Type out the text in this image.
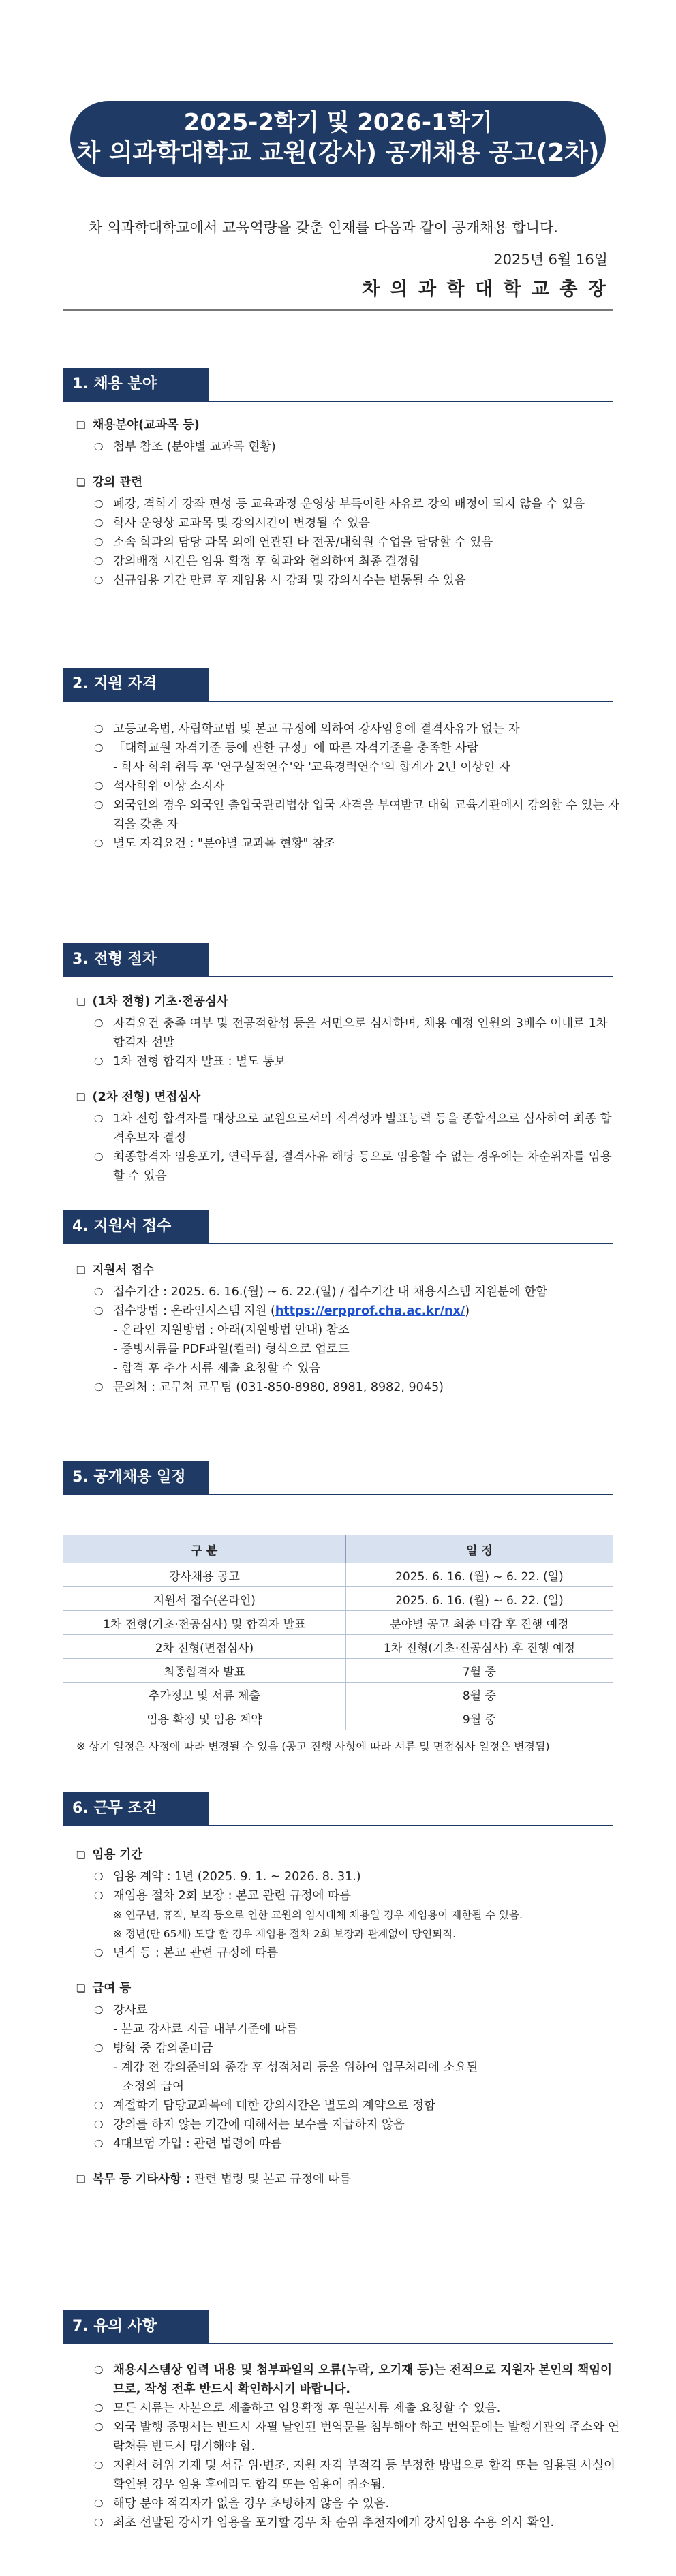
2025-2학기 및 2026-1학기
차 의과학대학교 교원(강사) 공개채용 공고(2차)
차 의과학대학교에서 교육역량을 갖춘 인재를 다음과 같이 공개채용 합니다.
2025년 6월 16일
차 의 과 학 대 학 교 총 장
1. 채용 분야
❏ 채용분야(교과목 등)
❍ 첨부 참조 (분야별 교과목 현황)
❏ 강의 관련
❍ 폐강, 격학기 강좌 편성 등 교육과정 운영상 부득이한 사유로 강의 배정이 되지 않을 수 있음
❍ 학사 운영상 교과목 및 강의시간이 변경될 수 있음
❍ 소속 학과의 담당 과목 외에 연관된 타 전공/대학원 수업을 담당할 수 있음
❍ 강의배정 시간은 임용 확정 후 학과와 협의하여 최종 결정함
❍ 신규임용 기간 만료 후 재임용 시 강좌 및 강의시수는 변동될 수 있음
2. 지원 자격
❍ 고등교육법, 사립학교법 및 본교 규정에 의하여 강사임용에 결격사유가 없는 자
❍ 「대학교원 자격기준 등에 관한 규정」에 따른 자격기준을 충족한 사람
- 학사 학위 취득 후 '연구실적연수'와 '교육경력연수'의 합계가 2년 이상인 자
❍ 석사학위 이상 소지자
❍ 외국인의 경우 외국인 출입국관리법상 입국 자격을 부여받고 대학 교육기관에서 강의할 수 있는 자격을 갖춘 자
❍ 별도 자격요건 : "분야별 교과목 현황" 참조
3. 전형 절차
❏ (1차 전형) 기초·전공심사
❍ 자격요건 충족 여부 및 전공적합성 등을 서면으로 심사하며, 채용 예정 인원의 3배수 이내로 1차 합격자 선발
❍ 1차 전형 합격자 발표 : 별도 통보
❏ (2차 전형) 면접심사
❍ 1차 전형 합격자를 대상으로 교원으로서의 적격성과 발표능력 등을 종합적으로 심사하여 최종 합격후보자 결정
❍ 최종합격자 임용포기, 연락두절, 결격사유 해당 등으로 임용할 수 없는 경우에는 차순위자를 임용할 수 있음
4. 지원서 접수
❏ 지원서 접수
❍ 접수기간 : 2025. 6. 16.(월) ~ 6. 22.(일) / 접수기간 내 채용시스템 지원분에 한함
❍ 접수방법 : 온라인시스템 지원 (https://erpprof.cha.ac.kr/nx/)
- 온라인 지원방법 : 아래(지원방법 안내) 참조
- 증빙서류를 PDF파일(컬러) 형식으로 업로드
- 합격 후 추가 서류 제출 요청할 수 있음
❍ 문의처 : 교무처 교무팀 (031-850-8980, 8981, 8982, 9045)
5. 공개채용 일정
구 분	일 정
강사채용 공고	2025. 6. 16. (월) ~ 6. 22. (일)
지원서 접수(온라인)	2025. 6. 16. (월) ~ 6. 22. (일)
1차 전형(기초·전공심사) 및 합격자 발표	분야별 공고 최종 마감 후 진행 예정
2차 전형(면접심사)	1차 전형(기초·전공심사) 후 진행 예정
최종합격자 발표	7월 중
추가정보 및 서류 제출	8월 중
임용 확정 및 임용 계약	9월 중
※ 상기 일정은 사정에 따라 변경될 수 있음 (공고 진행 사항에 따라 서류 및 면접심사 일정은 변경됨)
6. 근무 조건
❏ 임용 기간
❍ 임용 계약 : 1년 (2025. 9. 1. ~ 2026. 8. 31.)
❍ 재임용 절차 2회 보장 : 본교 관련 규정에 따름
※ 연구년, 휴직, 보직 등으로 인한 교원의 임시대체 채용일 경우 재임용이 제한될 수 있음.
※ 정년(만 65세) 도달 할 경우 재임용 절차 2회 보장과 관계없이 당연퇴직.
❍ 면직 등 : 본교 관련 규정에 따름
❏ 급여 등
❍ 강사료
- 본교 강사료 지급 내부기준에 따름
❍ 방학 중 강의준비금
- 계강 전 강의준비와 종강 후 성적처리 등을 위하여 업무처리에 소요된
소정의 급여
❍ 계절학기 담당교과목에 대한 강의시간은 별도의 계약으로 정함
❍ 강의를 하지 않는 기간에 대해서는 보수를 지급하지 않음
❍ 4대보험 가입 : 관련 법령에 따름
❏ 복무 등 기타사항 : 관련 법령 및 본교 규정에 따름
7. 유의 사항
❍ 채용시스템상 입력 내용 및 첨부파일의 오류(누락, 오기재 등)는 전적으로 지원자 본인의 책임이므로, 작성 전후 반드시 확인하시기 바랍니다.
❍ 모든 서류는 사본으로 제출하고 임용확정 후 원본서류 제출 요청할 수 있음.
❍ 외국 발행 증명서는 반드시 자필 날인된 번역문을 첨부해야 하고 번역문에는 발행기관의 주소와 연락처를 반드시 명기해야 함.
❍ 지원서 허위 기재 및 서류 위·변조, 지원 자격 부적격 등 부정한 방법으로 합격 또는 임용된 사실이 확인될 경우 임용 후에라도 합격 또는 임용이 취소됨.
❍ 해당 분야 적격자가 없을 경우 초빙하지 않을 수 있음.
❍ 최초 선발된 강사가 임용을 포기할 경우 차 순위 추천자에게 강사임용 수용 의사 확인.
